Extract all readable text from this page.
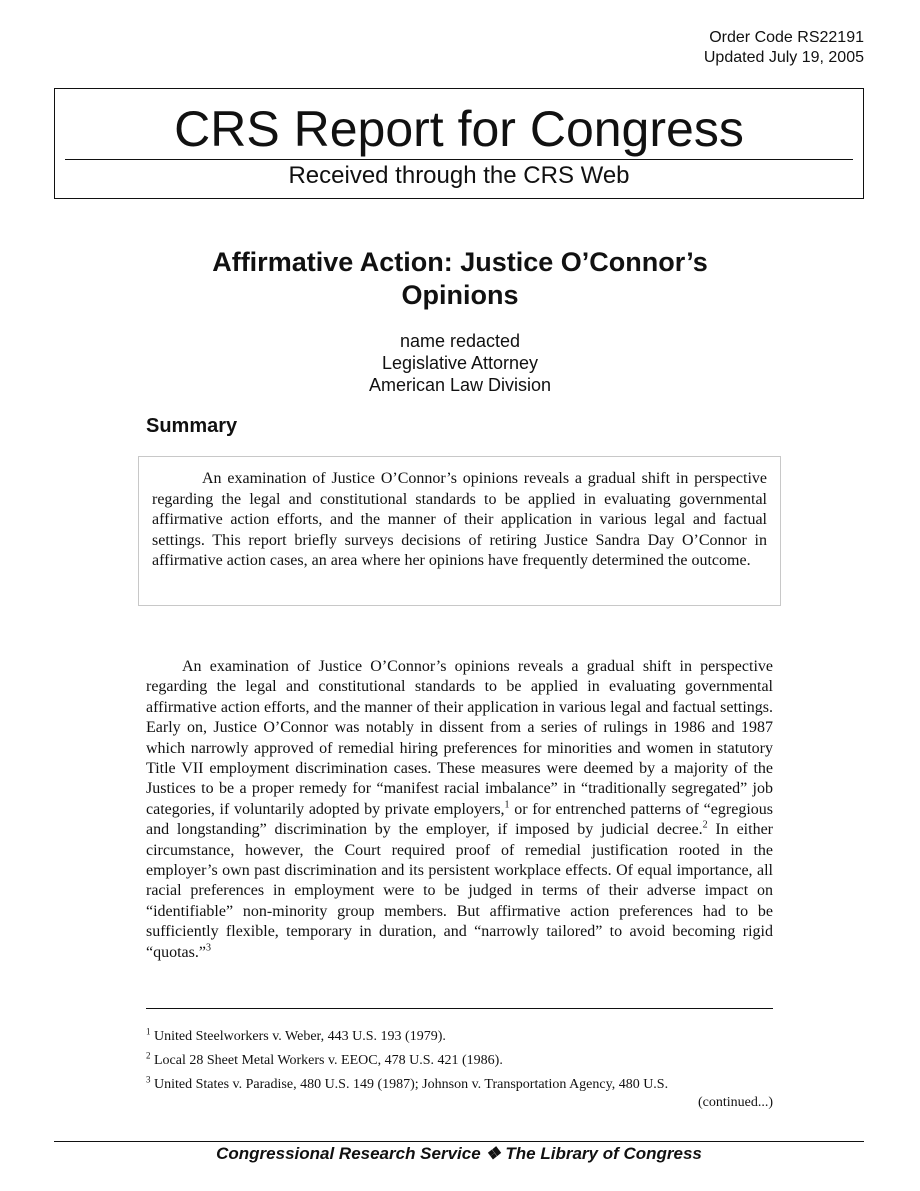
Order Code RS22191
Updated July 19, 2005
CRS Report for Congress
Received through the CRS Web
Affirmative Action: Justice O’Connor’s
Opinions
name redacted
Legislative Attorney
American Law Division
Summary

An examination of Justice O’Connor’s opinions reveals a gradual shift in perspective regarding the legal and constitutional standards to be applied in evaluating governmental affirmative action efforts, and the manner of their application in various legal and factual settings. This report briefly surveys decisions of retiring Justice Sandra Day O’Connor in affirmative action cases, an area where her opinions have frequently determined the outcome.

An examination of Justice O’Connor’s opinions reveals a gradual shift in perspective regarding the legal and constitutional standards to be applied in evaluating governmental affirmative action efforts, and the manner of their application in various legal and factual settings. Early on, Justice O’Connor was notably in dissent from a series of rulings in 1986 and 1987 which narrowly approved of remedial hiring preferences for minorities and women in statutory Title VII employment discrimination cases. These measures were deemed by a majority of the Justices to be a proper remedy for “manifest racial imbalance” in “traditionally segregated” job categories, if voluntarily adopted by private employers,$^1$ or for entrenched patterns of “egregious and longstanding” discrimination by the employer, if imposed by judicial decree.$^2$ In either circumstance, however, the Court required proof of remedial justification rooted in the employer’s own past discrimination and its persistent workplace effects. Of equal importance, all racial preferences in employment were to be judged in terms of their adverse impact on “identifiable” non-minority group members. But affirmative action preferences had to be sufficiently flexible, temporary in duration, and “narrowly tailored” to avoid becoming rigid “quotas.”$^3$

$^1$ United Steelworkers v. Weber, 443 U.S. 193 (1979).

$^2$ Local 28 Sheet Metal Workers v. EEOC, 478 U.S. 421 (1986).

$^3$ United States v. Paradise, 480 U.S. 149 (1987); Johnson v. Transportation Agency, 480 U.S.

(continued...)

Congressional Research Service ❖ The Library of Congress
